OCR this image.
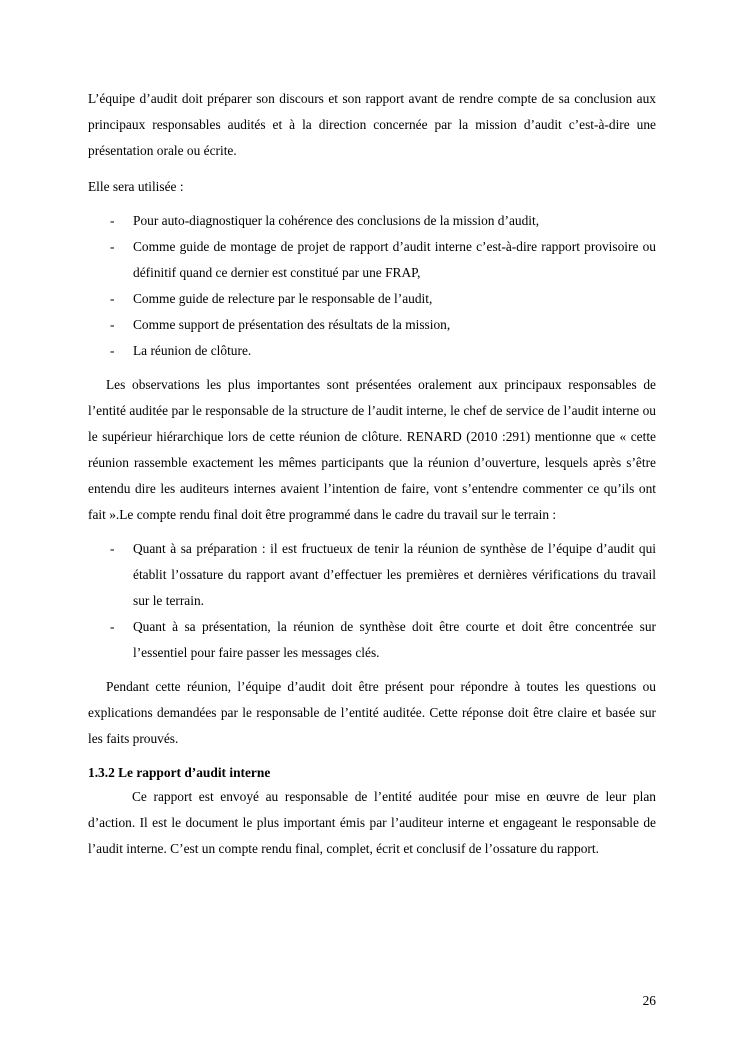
L’équipe d’audit doit préparer son discours et son rapport avant de rendre compte de sa conclusion aux principaux responsables audités et à la direction concernée par la mission d’audit c’est-à-dire une présentation orale ou écrite.

Elle sera utilisée :

- Pour auto-diagnostiquer la cohérence des conclusions de la mission d’audit,
- Comme guide de montage de projet de rapport d’audit interne c’est-à-dire rapport provisoire ou définitif quand ce dernier est constitué par une FRAP,
- Comme guide de relecture par le responsable de l’audit,
- Comme support de présentation des résultats de la mission,
- La réunion de clôture.

Les observations les plus importantes sont présentées oralement aux principaux responsables de l’entité auditée par le responsable de la structure de l’audit interne, le chef de service de l’audit interne ou le supérieur hiérarchique lors de cette réunion de clôture. RENARD (2010 :291) mentionne que « cette réunion rassemble exactement les mêmes participants que la réunion d’ouverture, lesquels après s’être entendu dire les auditeurs internes avaient l’intention de faire, vont s’entendre commenter ce qu’ils ont fait ».Le compte rendu final doit être programmé dans le cadre du travail sur le terrain :

- Quant à sa préparation : il est fructueux de tenir la réunion de synthèse de l’équipe d’audit qui établit l’ossature du rapport avant d’effectuer les premières et dernières vérifications du travail sur le terrain.
- Quant à sa présentation, la réunion de synthèse doit être courte et doit être concentrée sur l’essentiel pour faire passer les messages clés.

Pendant cette réunion, l’équipe d’audit doit être présent pour répondre à toutes les questions ou explications demandées par le responsable de l’entité auditée. Cette réponse doit être claire et basée sur les faits prouvés.

1.3.2 Le rapport d’audit interne

Ce rapport est envoyé au responsable de l’entité auditée pour mise en œuvre de leur plan d’action. Il est le document le plus important émis par l’auditeur interne et engageant le responsable de l’audit interne. C’est un compte rendu final, complet, écrit et conclusif de l’ossature du rapport.

26
